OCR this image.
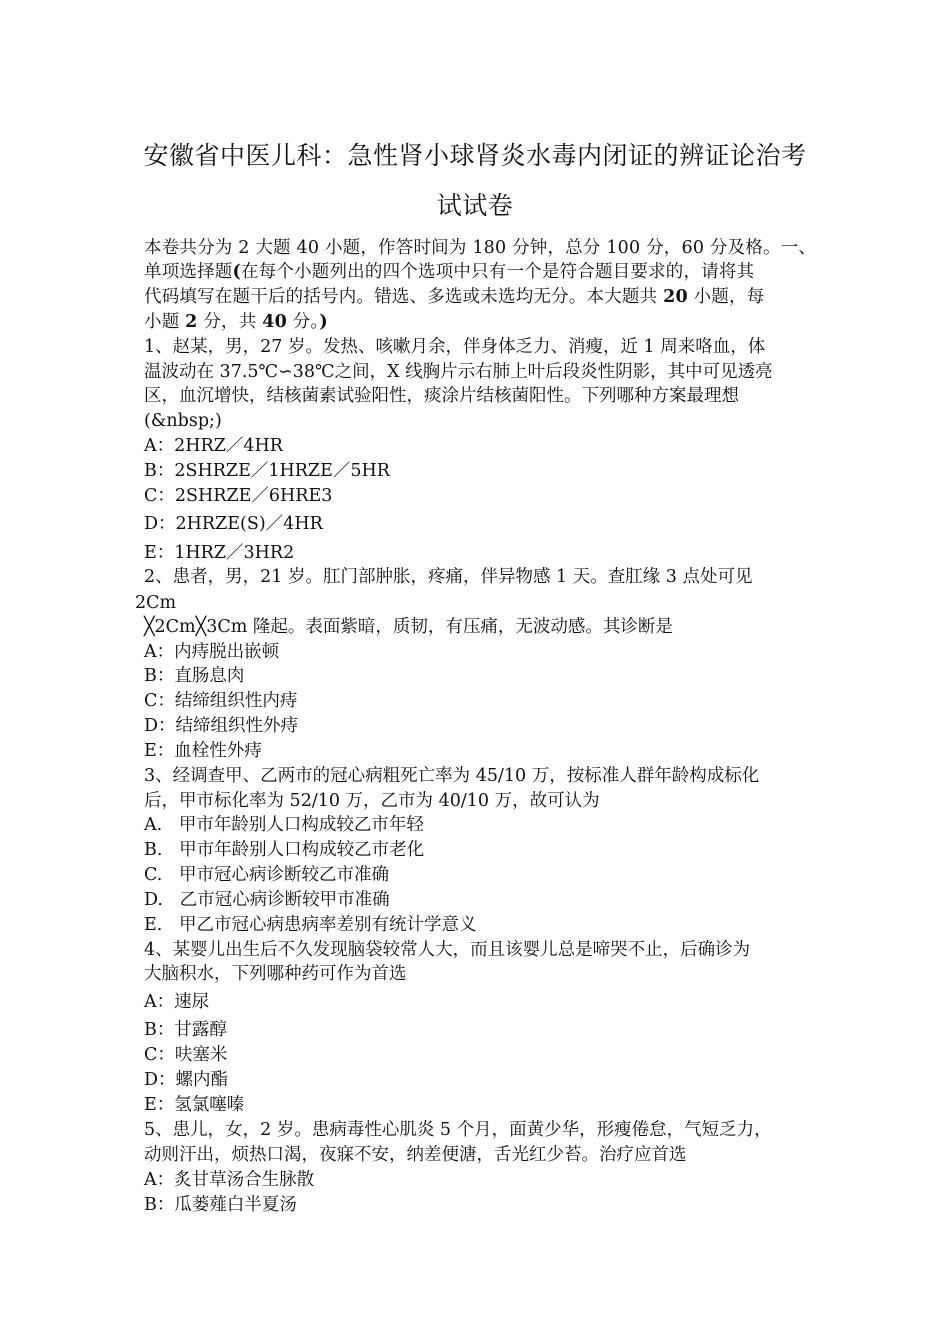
安徽省中医儿科：急性肾小球肾炎水毒内闭证的辨证论治考
试试卷
本卷共分为 2 大题 40 小题，作答时间为 180 分钟，总分 100 分，60 分及格。一、
单项选择题(在每个小题列出的四个选项中只有一个是符合题目要求的，请将其
代码填写在题干后的括号内。错选、多选或未选均无分。本大题共 20 小题，每
小题 2 分，共 40 分。)
1、赵某，男，27 岁。发热、咳嗽月余，伴身体乏力、消瘦，近 1 周来咯血，体
温波动在 37.5℃∽38℃之间，X 线胸片示右肺上叶后段炎性阴影，其中可见透亮
区，血沉增快，结核菌素试验阳性，痰涂片结核菌阳性。下列哪种方案最理想
(&nbsp;)
A：2HRZ／4HR
B：2SHRZE／1HRZE／5HR
C：2SHRZE／6HRE3
D：2HRZE(S)／4HR
E：1HRZ／3HR2
2、患者，男，21 岁。肛门部肿胀，疼痛，伴异物感 1 天。查肛缘 3 点处可见
2Cm
╳2Cm╳3Cm 隆起。表面紫暗，质韧，有压痛，无波动感。其诊断是
A：内痔脱出嵌顿
B：直肠息肉
C：结缔组织性内痔
D：结缔组织性外痔
E：血栓性外痔
3、经调查甲、乙两市的冠心病粗死亡率为 45/10 万，按标准人群年龄构成标化
后，甲市标化率为 52/10 万，乙市为 40/10 万，故可认为
A.   甲市年龄别人口构成较乙市年轻
B.   甲市年龄别人口构成较乙市老化
C.   甲市冠心病诊断较乙市准确
D.   乙市冠心病诊断较甲市准确
E.   甲乙市冠心病患病率差别有统计学意义
4、某婴儿出生后不久发现脑袋较常人大，而且该婴儿总是啼哭不止，后确诊为
大脑积水，下列哪种药可作为首选
A：速尿
B：甘露醇
C：呋塞米
D：螺内酯
E：氢氯噻嗪
5、患儿，女，2 岁。患病毒性心肌炎 5 个月，面黄少华，形瘦倦怠，气短乏力，
动则汗出，烦热口渴，夜寐不安，纳差便溏，舌光红少苔。治疗应首选
A：炙甘草汤合生脉散
B：瓜蒌薤白半夏汤
